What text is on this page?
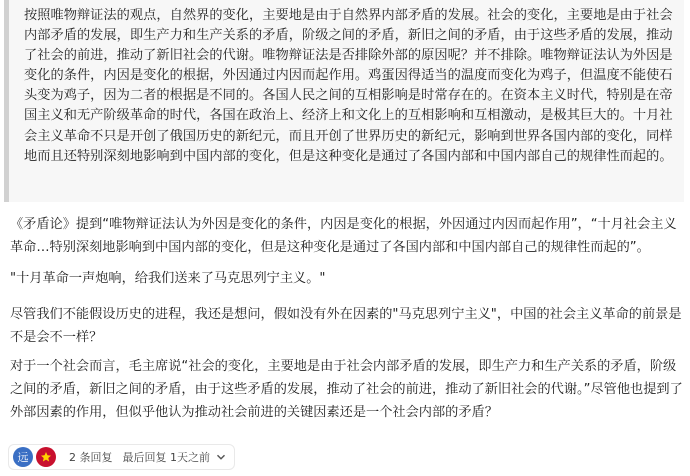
按照唯物辩证法的观点，自然界的变化，主要地是由于自然界内部矛盾的发展。社会的变化，主要地是由于社会内部矛盾的发展，即生产力和生产关系的矛盾，阶级之间的矛盾，新旧之间的矛盾，由于这些矛盾的发展，推动了社会的前进，推动了新旧社会的代谢。唯物辩证法是否排除外部的原因呢？并不排除。唯物辩证法认为外因是变化的条件，内因是变化的根据，外因通过内因而起作用。鸡蛋因得适当的温度而变化为鸡子，但温度不能使石头变为鸡子，因为二者的根据是不同的。各国人民之间的互相影响是时常存在的。在资本主义时代，特别是在帝国主义和无产阶级革命的时代，各国在政治上、经济上和文化上的互相影响和互相激动，是极其巨大的。十月社会主义革命不只是开创了俄国历史的新纪元，而且开创了世界历史的新纪元，影响到世界各国内部的变化，同样地而且还特别深刻地影响到中国内部的变化，但是这种变化是通过了各国内部和中国内部自己的规律性而起的。

《矛盾论》提到“唯物辩证法认为外因是变化的条件，内因是变化的根据，外因通过内因而起作用”，“十月社会主义革命…特别深刻地影响到中国内部的变化，但是这种变化是通过了各国内部和中国内部自己的规律性而起的”。

"十月革命一声炮响，给我们送来了马克思列宁主义。"

尽管我们不能假设历史的进程，我还是想问，假如没有外在因素的"马克思列宁主义"，中国的社会主义革命的前景是不是会不一样？

对于一个社会而言，毛主席说“社会的变化，主要地是由于社会内部矛盾的发展，即生产力和生产关系的矛盾，阶级之间的矛盾，新旧之间的矛盾，由于这些矛盾的发展，推动了社会的前进，推动了新旧社会的代谢。”尽管他也提到了外部因素的作用，但似乎他认为推动社会前进的关键因素还是一个社会内部的矛盾？

远	2 条回复 最后回复 1天之前
